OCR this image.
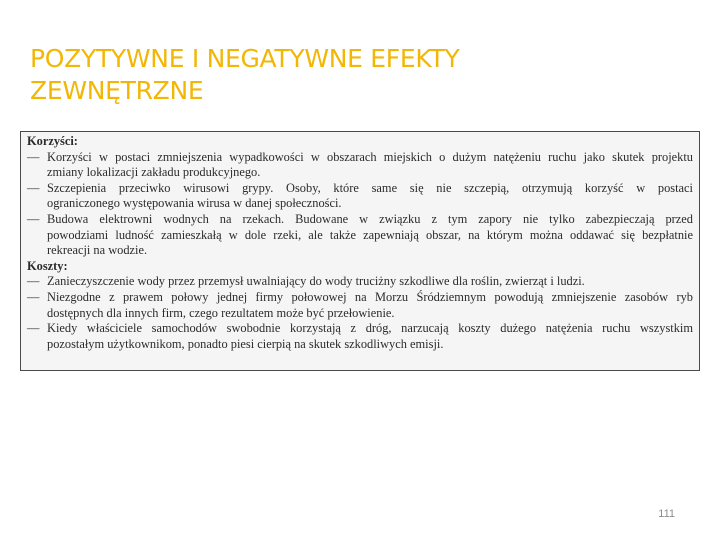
POZYTYWNE I NEGATYWNE EFEKTY
ZEWNĘTRZNE

Korzyści:

— Korzyści w postaci zmniejszenia wypadkowości w obszarach miejskich o dużym natężeniu ruchu jako skutek projektu
zmiany lokalizacji zakładu produkcyjnego.
— Szczepienia przeciwko wirusowi grypy. Osoby, które same się nie szczepią, otrzymują korzyść w postaci
ograniczonego występowania wirusa w danej społeczności.
— Budowa elektrowni wodnych na rzekach. Budowane w związku z tym zapory nie tylko zabezpieczają przed
powodziami ludność zamieszkałą w dole rzeki, ale także zapewniają obszar, na którym można oddawać się bezpłatnie
rekreacji na wodzie.

Koszty:

— Zanieczyszczenie wody przez przemysł uwalniający do wody truciżny szkodliwe dla roślin, zwierząt i ludzi.
— Niezgodne z prawem połowy jednej firmy połowowej na Morzu Śródziemnym powodują zmniejszenie zasobów ryb
dostępnych dla innych firm, czego rezultatem może być przełowienie.
— Kiedy właściciele samochodów swobodnie korzystają z dróg, narzucają koszty dużego natężenia ruchu wszystkim
pozostałym użytkownikom, ponadto piesi cierpią na skutek szkodliwych emisji.
111
